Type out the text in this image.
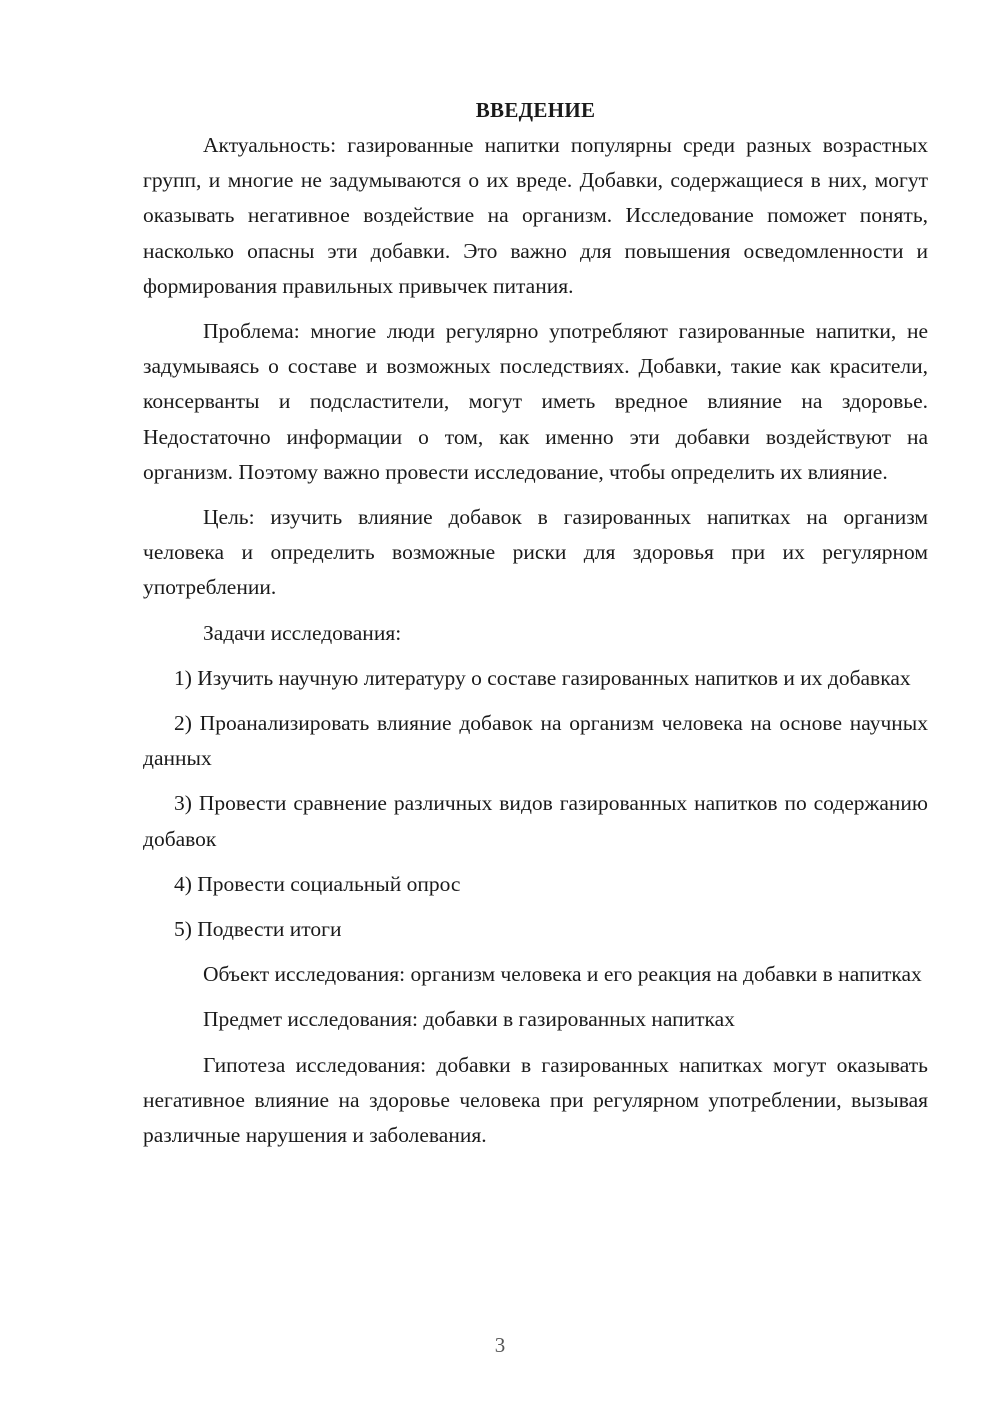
ВВЕДЕНИЕ

Актуальность: газированные напитки популярны среди разных возрастных групп, и многие не задумываются о их вреде. Добавки, содержащиеся в них, могут оказывать негативное воздействие на организм. Исследование поможет понять, насколько опасны эти добавки. Это важно для повышения осведомленности и формирования правильных привычек питания.

Проблема: многие люди регулярно употребляют газированные напитки, не задумываясь о составе и возможных последствиях. Добавки, такие как красители, консерванты и подсластители, могут иметь вредное влияние на здоровье. Недостаточно информации о том, как именно эти добавки воздействуют на организм. Поэтому важно провести исследование, чтобы определить их влияние.

Цель: изучить влияние добавок в газированных напитках на организм человека и определить возможные риски для здоровья при их регулярном употреблении.

Задачи исследования:

1) Изучить научную литературу о составе газированных напитков и их добавках

2) Проанализировать влияние добавок на организм человека на основе научных данных

3) Провести сравнение различных видов газированных напитков по содержанию добавок

4) Провести социальный опрос

5) Подвести итоги

Объект исследования: организм человека и его реакция на добавки в напитках

Предмет исследования: добавки в газированных напитках

Гипотеза исследования: добавки в газированных напитках могут оказывать негативное влияние на здоровье человека при регулярном употреблении, вызывая различные нарушения и заболевания.

3
